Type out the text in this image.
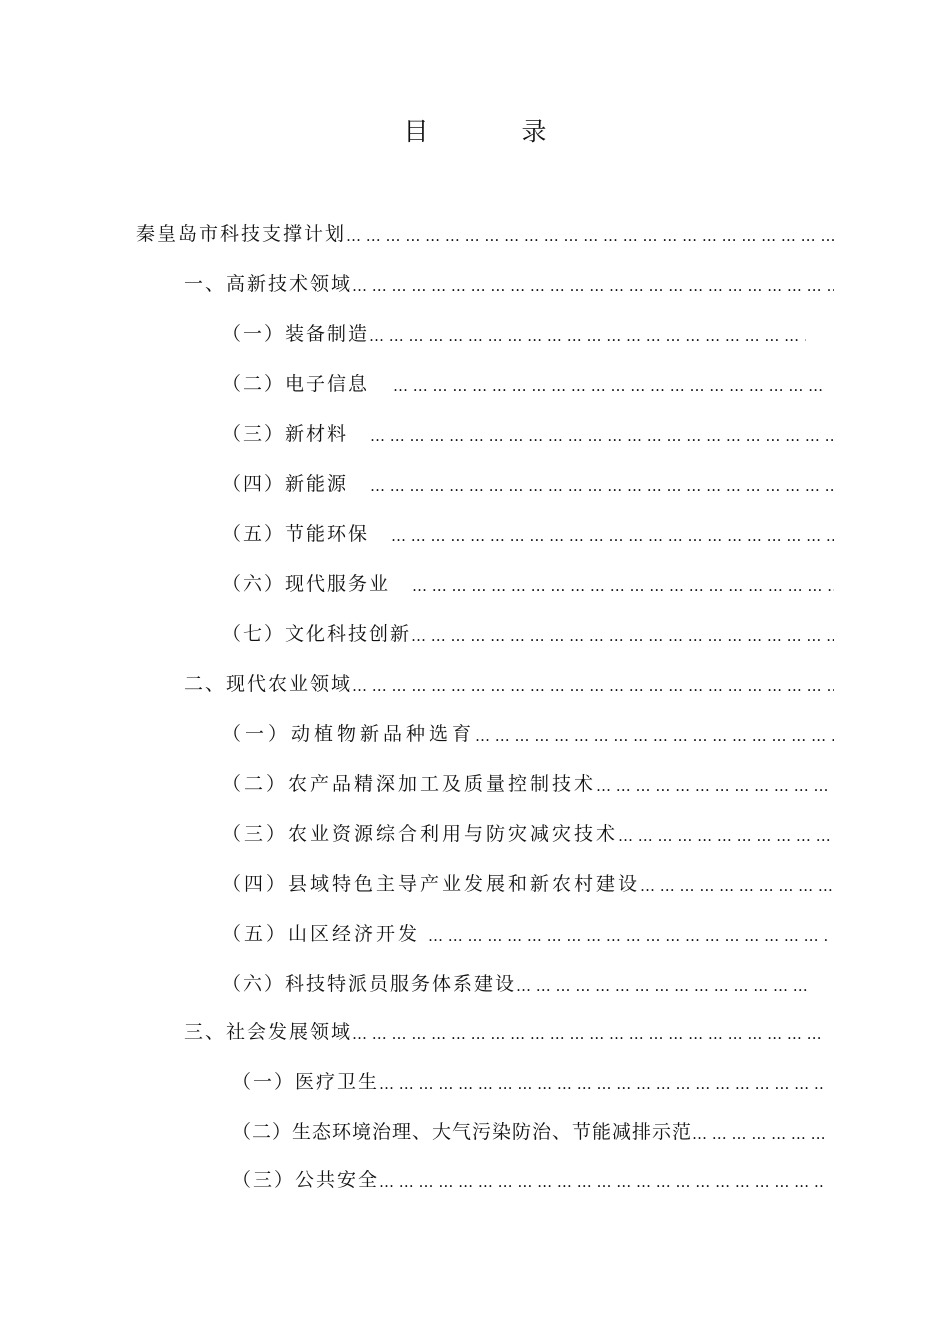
目　录
秦皇岛市科技支撑计划
… … … … … … … … … … … … … … … … … … … … … … … … … … … … … … … … … … … … … … … … … … … … … … … … … … … …
一、高新技术领域
… … … … … … … … … … … … … … … … … … … … … … … … … … … … … … … … … … … … … … … … … … … … … … … … … … … …
（一）装备制造
… … … … … … … … … … … … … … … … … … … … … … … … … … … … … … … … … … … … … … … … … … … … … … … … … … … …
（二）电子信息
… … … … … … … … … … … … … … … … … … … … … … … … … … … … … … … … … … … … … … … … … … … … … … … … … … … …
（三）新材料
… … … … … … … … … … … … … … … … … … … … … … … … … … … … … … … … … … … … … … … … … … … … … … … … … … … …
（四）新能源
… … … … … … … … … … … … … … … … … … … … … … … … … … … … … … … … … … … … … … … … … … … … … … … … … … … …
（五）节能环保
… … … … … … … … … … … … … … … … … … … … … … … … … … … … … … … … … … … … … … … … … … … … … … … … … … … …
（六）现代服务业
… … … … … … … … … … … … … … … … … … … … … … … … … … … … … … … … … … … … … … … … … … … … … … … … … … … …
（七）文化科技创新
… … … … … … … … … … … … … … … … … … … … … … … … … … … … … … … … … … … … … … … … … … … … … … … … … … … …
二、现代农业领域
… … … … … … … … … … … … … … … … … … … … … … … … … … … … … … … … … … … … … … … … … … … … … … … … … … … …
（一）动植物新品种选育
… … … … … … … … … … … … … … … … … … … … … … … … … … … … … … … … … … … … … … … … … … … … … … … … … … … …
（二）农产品精深加工及质量控制技术
… … … … … … … … … … … … … … … … … … … … … … … … … … … … … … … … … … … … … … … … … … … … … … … … … … … …
（三）农业资源综合利用与防灾减灾技术
… … … … … … … … … … … … … … … … … … … … … … … … … … … … … … … … … … … … … … … … … … … … … … … … … … … …
（四）县域特色主导产业发展和新农村建设
… … … … … … … … … … … … … … … … … … … … … … … … … … … … … … … … … … … … … … … … … … … … … … … … … … … …
（五）山区经济开发
… … … … … … … … … … … … … … … … … … … … … … … … … … … … … … … … … … … … … … … … … … … … … … … … … … … …
（六）科技特派员服务体系建设
… … … … … … … … … … … … … … … … … … … … … … … … … … … … … … … … … … … … … … … … … … … … … … … … … … … …
三、社会发展领域
… … … … … … … … … … … … … … … … … … … … … … … … … … … … … … … … … … … … … … … … … … … … … … … … … … … …
（一）医疗卫生
… … … … … … … … … … … … … … … … … … … … … … … … … … … … … … … … … … … … … … … … … … … … … … … … … … … …
（二）生态环境治理、大气污染防治、节能减排示范
… … … … … … … … … … … … … … … … … … … … … … … … … … … … … … … … … … … … … … … … … … … … … … … … … … … …
（三）公共安全
… … … … … … … … … … … … … … … … … … … … … … … … … … … … … … … … … … … … … … … … … … … … … … … … … … … …
